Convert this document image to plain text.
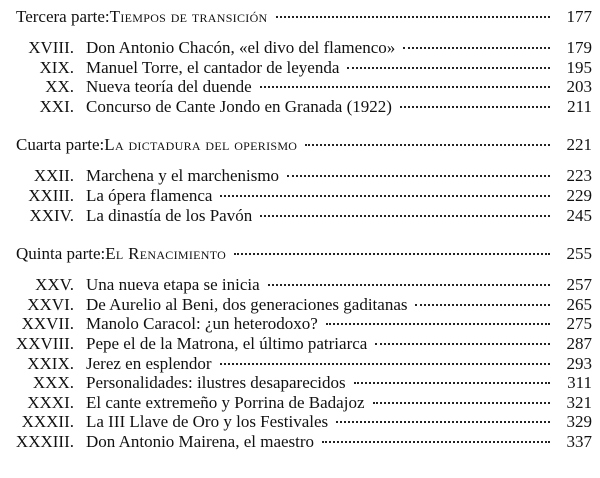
Tercera parte: Tiempos de transición	177
XVIII. Don Antonio Chacón, «el divo del flamenco»	179
XIX. Manuel Torre, el cantador de leyenda	195
XX. Nueva teoría del duende	203
XXI. Concurso de Cante Jondo en Granada (1922)	211
Cuarta parte: La dictadura del operismo	221
XXII. Marchena y el marchenismo	223
XXIII. La ópera flamenca	229
XXIV. La dinastía de los Pavón	245
Quinta parte: El Renacimiento	255
XXV. Una nueva etapa se inicia	257
XXVI. De Aurelio al Beni, dos generaciones gaditanas	265
XXVII. Manolo Caracol: ¿un heterodoxo?	275
XXVIII. Pepe el de la Matrona, el último patriarca	287
XXIX. Jerez en esplendor	293
XXX. Personalidades: ilustres desaparecidos	311
XXXI. El cante extremeño y Porrina de Badajoz	321
XXXII. La III Llave de Oro y los Festivales	329
XXXIII. Don Antonio Mairena, el maestro	337
